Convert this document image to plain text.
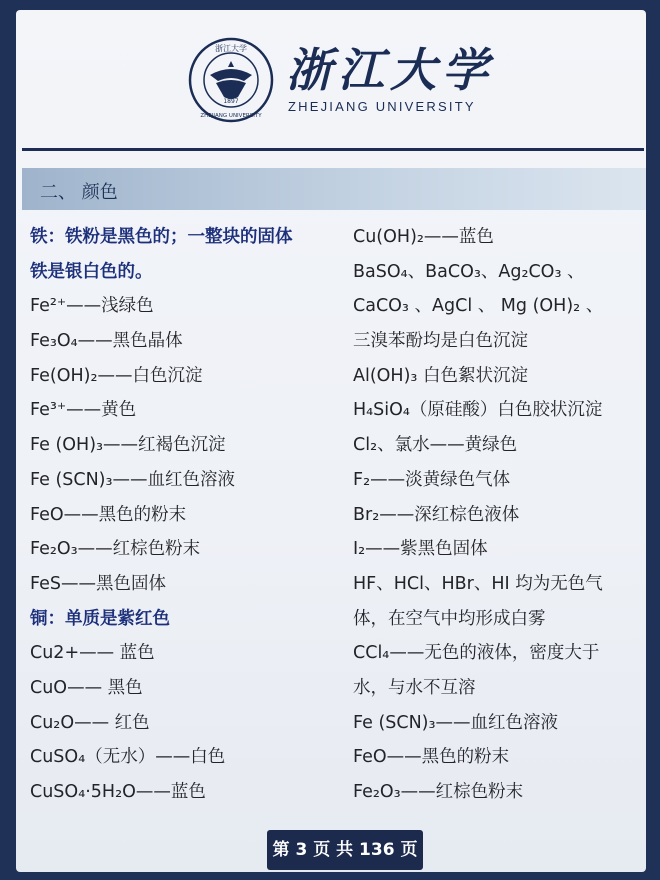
1897
浙江大学
ZHEJIANG UNIVERSITY
浙江大学
ZHEJIANG UNIVERSITY
二、 颜色
铁：铁粉是黑色的；一整块的固体
铁是银白色的。
Fe²⁺——浅绿色
Fe₃O₄——黑色晶体
Fe(OH)₂——白色沉淀
Fe³⁺——黄色
Fe (OH)₃——红褐色沉淀
Fe (SCN)₃——血红色溶液
FeO——黑色的粉末
Fe₂O₃——红棕色粉末
FeS——黑色固体
铜：单质是紫红色
Cu2+—— 蓝色
CuO—— 黑色
Cu₂O—— 红色
CuSO₄（无水）——白色
CuSO₄·5H₂O——蓝色
Cu(OH)₂——蓝色
BaSO₄、BaCO₃、Ag₂CO₃ 、
CaCO₃ 、AgCl 、 Mg (OH)₂ 、
三溴苯酚均是白色沉淀
Al(OH)₃ 白色絮状沉淀
H₄SiO₄（原硅酸）白色胶状沉淀
Cl₂、氯水——黄绿色
F₂——淡黄绿色气体
Br₂——深红棕色液体
I₂——紫黑色固体
HF、HCl、HBr、HI 均为无色气
体，在空气中均形成白雾
CCl₄——无色的液体，密度大于
水，与水不互溶
Fe (SCN)₃——血红色溶液
FeO——黑色的粉末
Fe₂O₃——红棕色粉末
第 3 页 共 136 页
